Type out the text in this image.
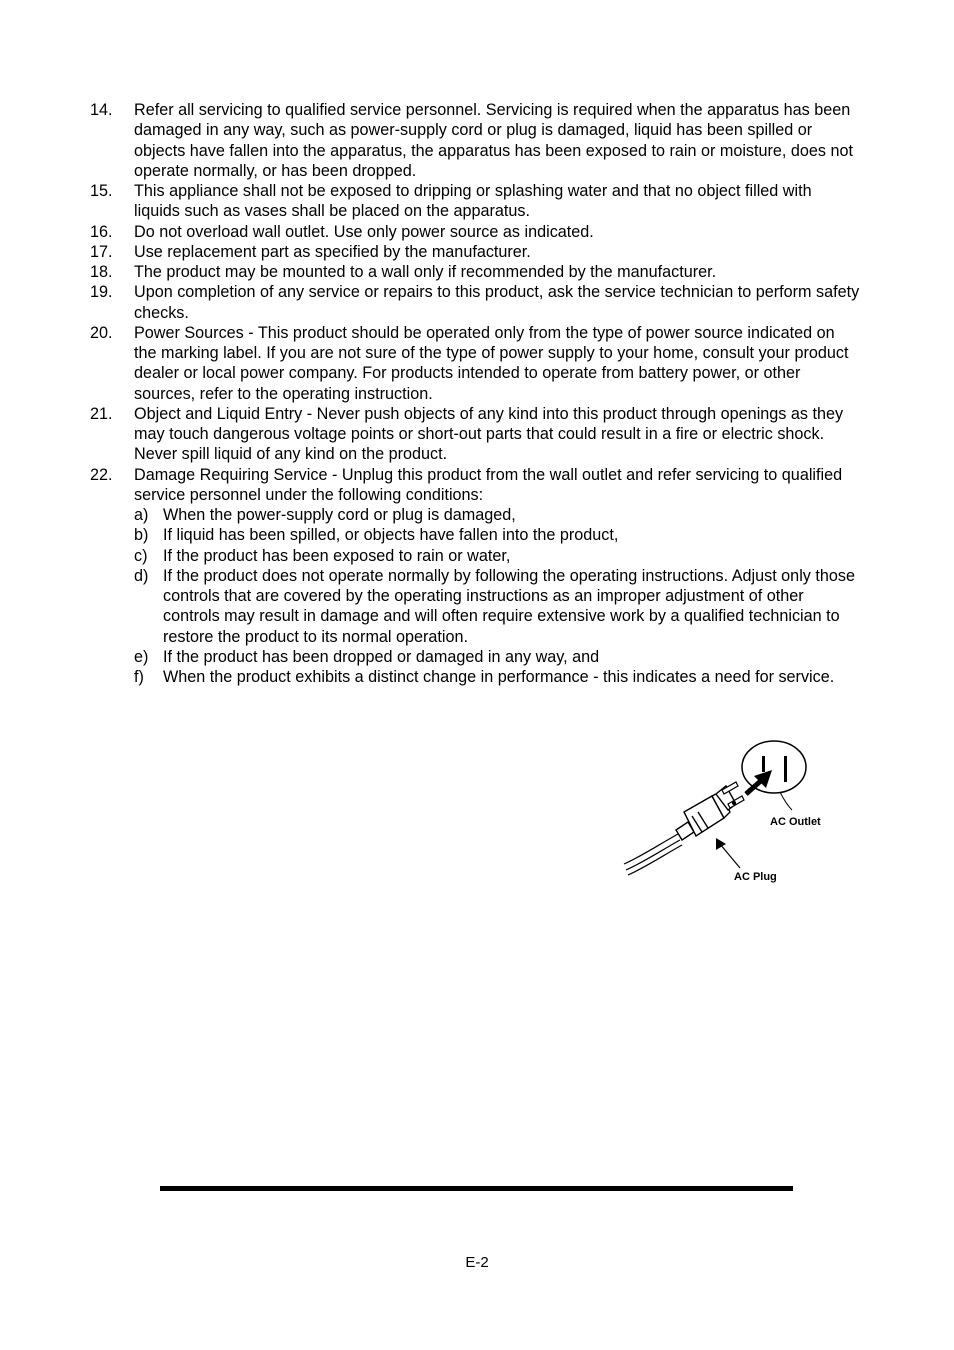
14. Refer all servicing to qualified service personnel. Servicing is required when the apparatus has been damaged in any way, such as power-supply cord or plug is damaged, liquid has been spilled or objects have fallen into the apparatus, the apparatus has been exposed to rain or moisture, does not operate normally, or has been dropped.
15. This appliance shall not be exposed to dripping or splashing water and that no object filled with liquids such as vases shall be placed on the apparatus.
16. Do not overload wall outlet. Use only power source as indicated.
17. Use replacement part as specified by the manufacturer.
18. The product may be mounted to a wall only if recommended by the manufacturer.
19. Upon completion of any service or repairs to this product, ask the service technician to perform safety checks.
20. Power Sources - This product should be operated only from the type of power source indicated on the marking label. If you are not sure of the type of power supply to your home, consult your product dealer or local power company. For products intended to operate from battery power, or other sources, refer to the operating instruction.
21. Object and Liquid Entry - Never push objects of any kind into this product through openings as they may touch dangerous voltage points or short-out parts that could result in a fire or electric shock. Never spill liquid of any kind on the product.
22. Damage Requiring Service - Unplug this product from the wall outlet and refer servicing to qualified service personnel under the following conditions:
a) When the power-supply cord or plug is damaged,
b) If liquid has been spilled, or objects have fallen into the product,
c) If the product has been exposed to rain or water,
d) If the product does not operate normally by following the operating instructions. Adjust only those controls that are covered by the operating instructions as an improper adjustment of other controls may result in damage and will often require extensive work by a qualified technician to restore the product to its normal operation.
e) If the product has been dropped or damaged in any way, and
f) When the product exhibits a distinct change in performance - this indicates a need for service.
AC Outlet
AC Plug
E-2
